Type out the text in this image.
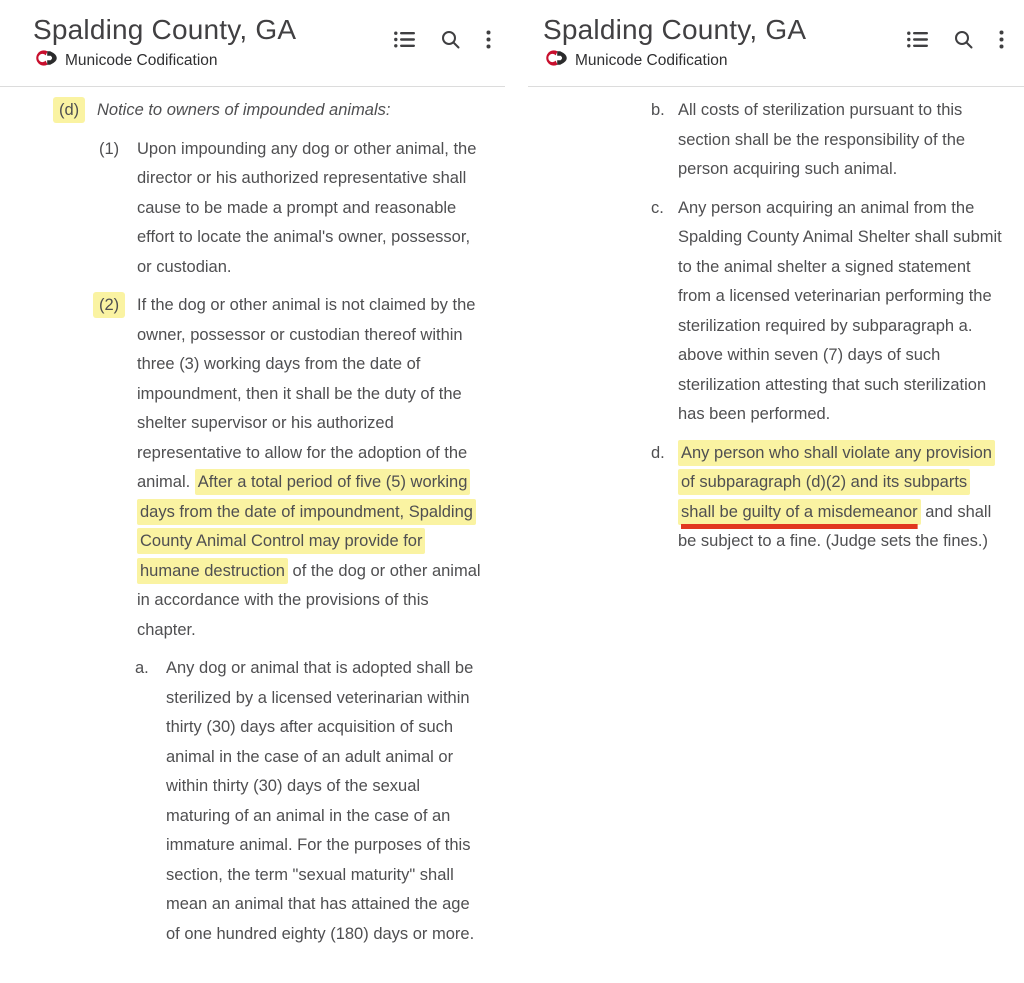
Spalding County, GA
Municode Codification
(d)	Notice to owners of impounded animals:
(1)	Upon impounding any dog or other animal, the director or his authorized representative shall cause to be made a prompt and reasonable effort to locate the animal's owner, possessor, or custodian.
(2)	If the dog or other animal is not claimed by the owner, possessor or custodian thereof within three (3) working days from the date of impoundment, then it shall be the duty of the shelter supervisor or his authorized representative to allow for the adoption of the animal. After a total period of five (5) working days from the date of impoundment, Spalding County Animal Control may provide for humane destruction of the dog or other animal in accordance with the provisions of this chapter.
a.	Any dog or animal that is adopted shall be sterilized by a licensed veterinarian within thirty (30) days after acquisition of such animal in the case of an adult animal or within thirty (30) days of the sexual maturing of an animal in the case of an immature animal. For the purposes of this section, the term "sexual maturity" shall mean an animal that has attained the age of one hundred eighty (180) days or more.
Spalding County, GA
Municode Codification
b. All costs of sterilization pursuant to this section shall be the responsibility of the person acquiring such animal.
c. Any person acquiring an animal from the Spalding County Animal Shelter shall submit to the animal shelter a signed statement from a licensed veterinarian performing the sterilization required by subparagraph a. above within seven (7) days of such sterilization attesting that such sterilization has been performed.
d. Any person who shall violate any provision of subparagraph (d)(2) and its subparts shall be guilty of a misdemeanor and shall be subject to a fine. (Judge sets the fines.)
